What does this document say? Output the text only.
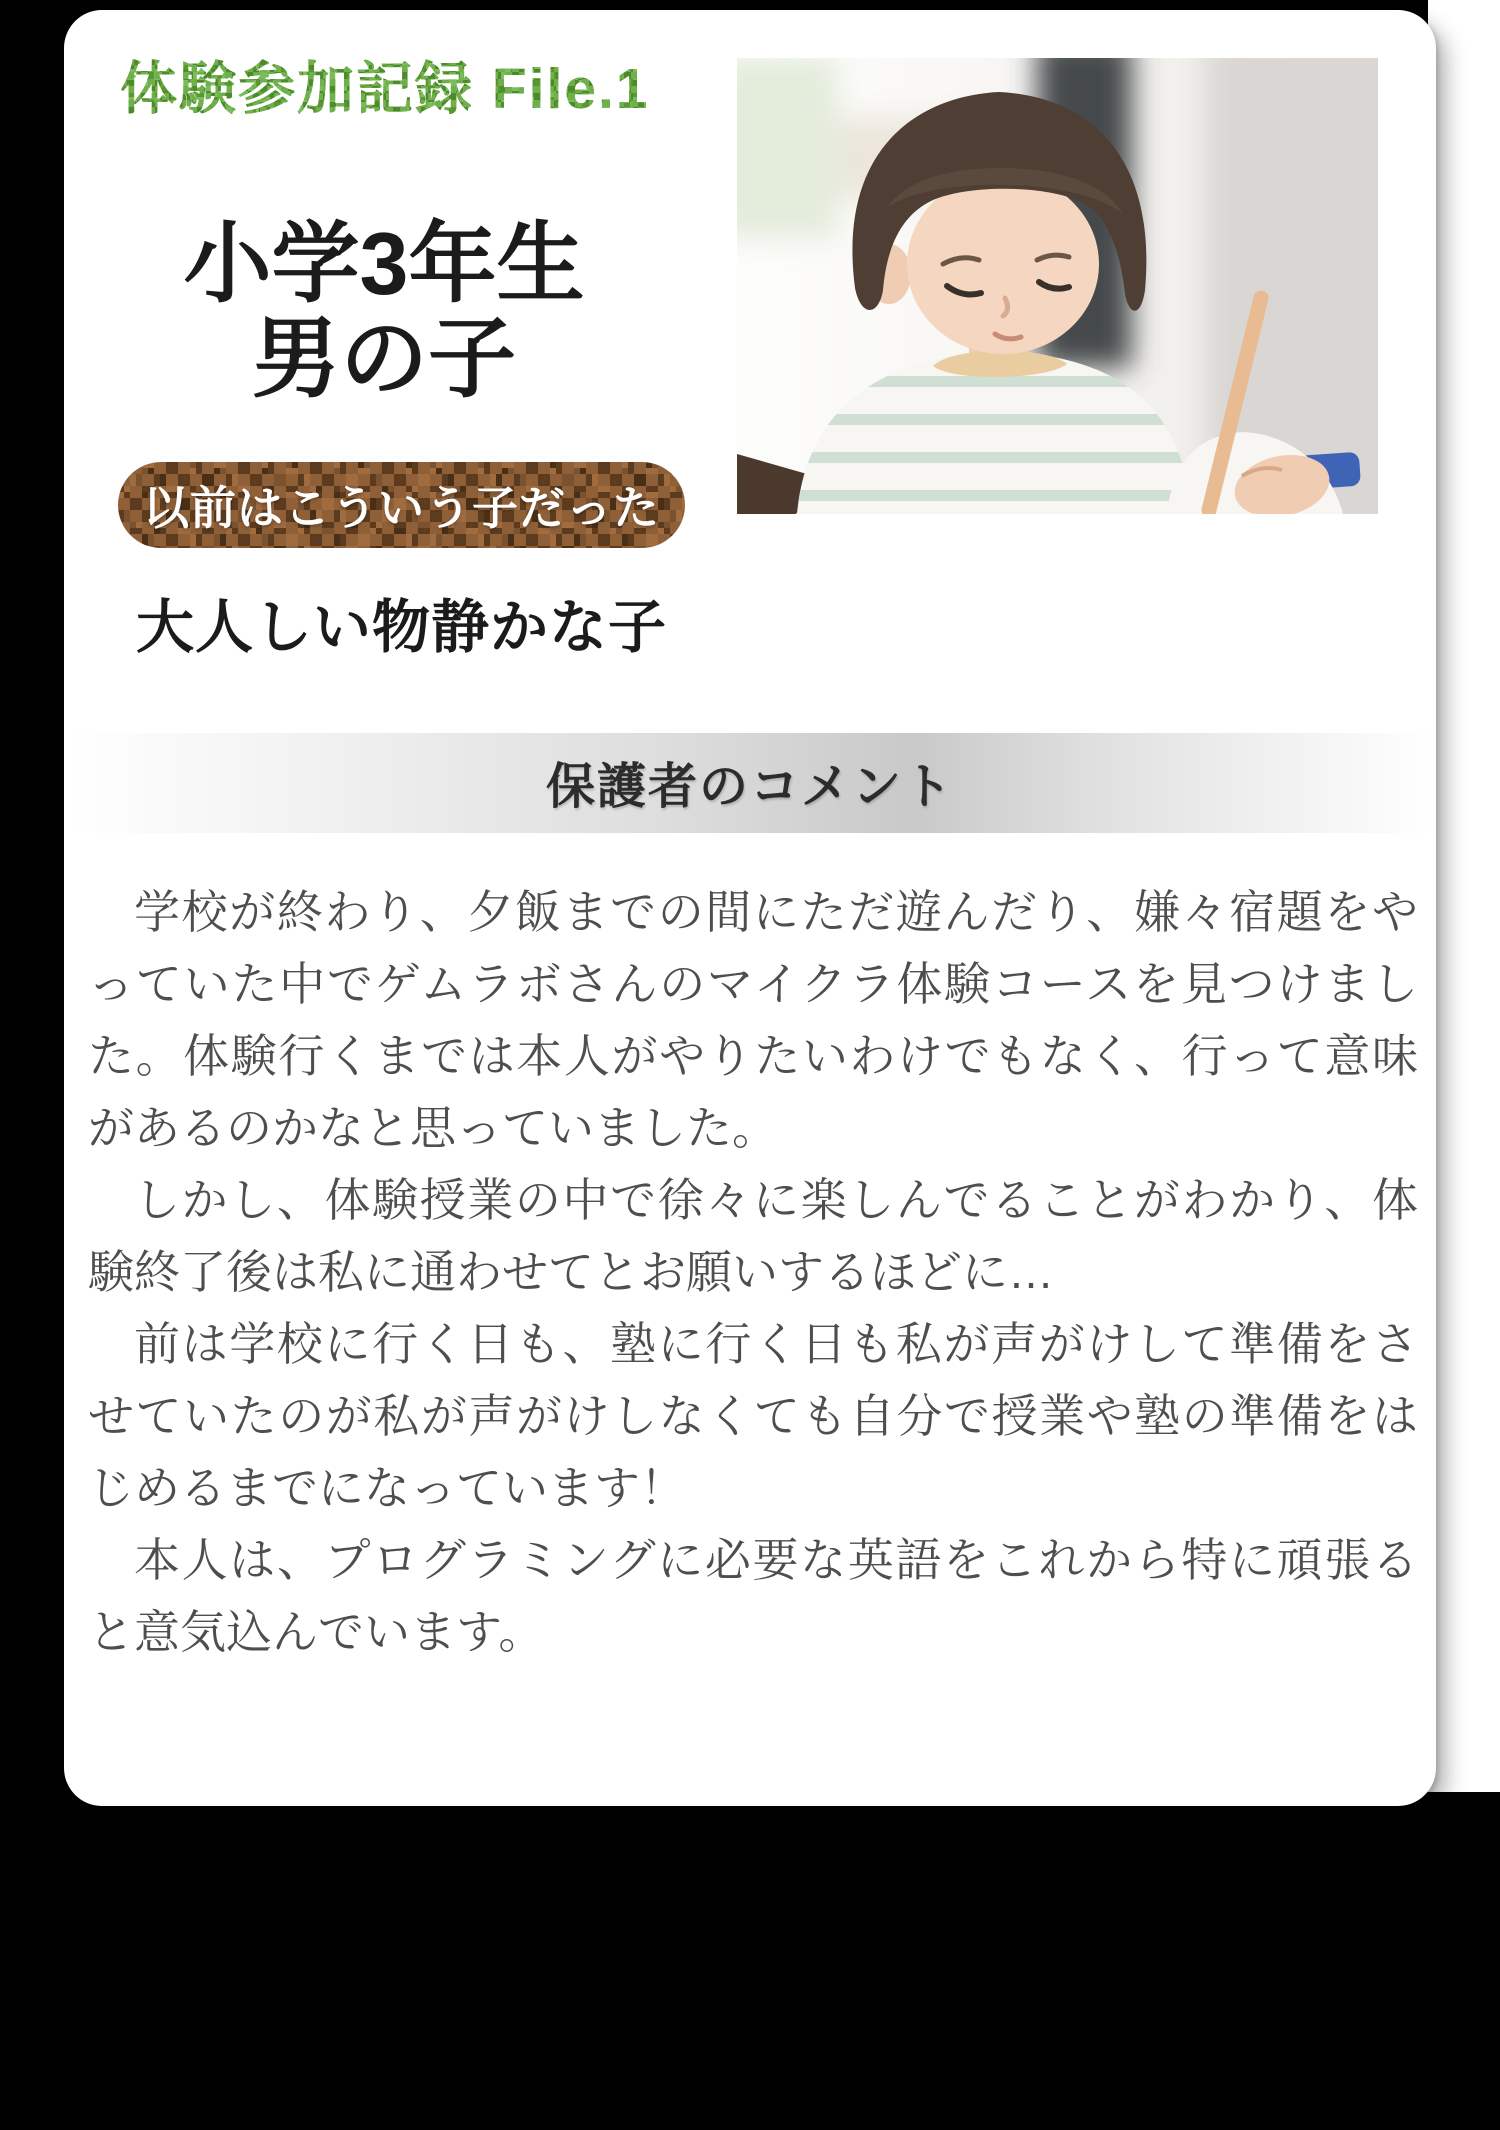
体験参加記録 File.1
小学3年生
男の子
以前はこういう子だった
大人しい物静かな子
保護者のコメント

学校が終わり、夕飯までの間にただ遊んだり、嫌々宿題をやっていた中でゲムラボさんのマイクラ体験コースを見つけました。体験行くまでは本人がやりたいわけでもなく、行って意味があるのかなと思っていました。

しかし、体験授業の中で徐々に楽しんでることがわかり、体験終了後は私に通わせてとお願いするほどに…

前は学校に行く日も、塾に行く日も私が声がけして準備をさせていたのが私が声がけしなくても自分で授業や塾の準備をはじめるまでになっています！

本人は、プログラミングに必要な英語をこれから特に頑張ると意気込んでいます。
